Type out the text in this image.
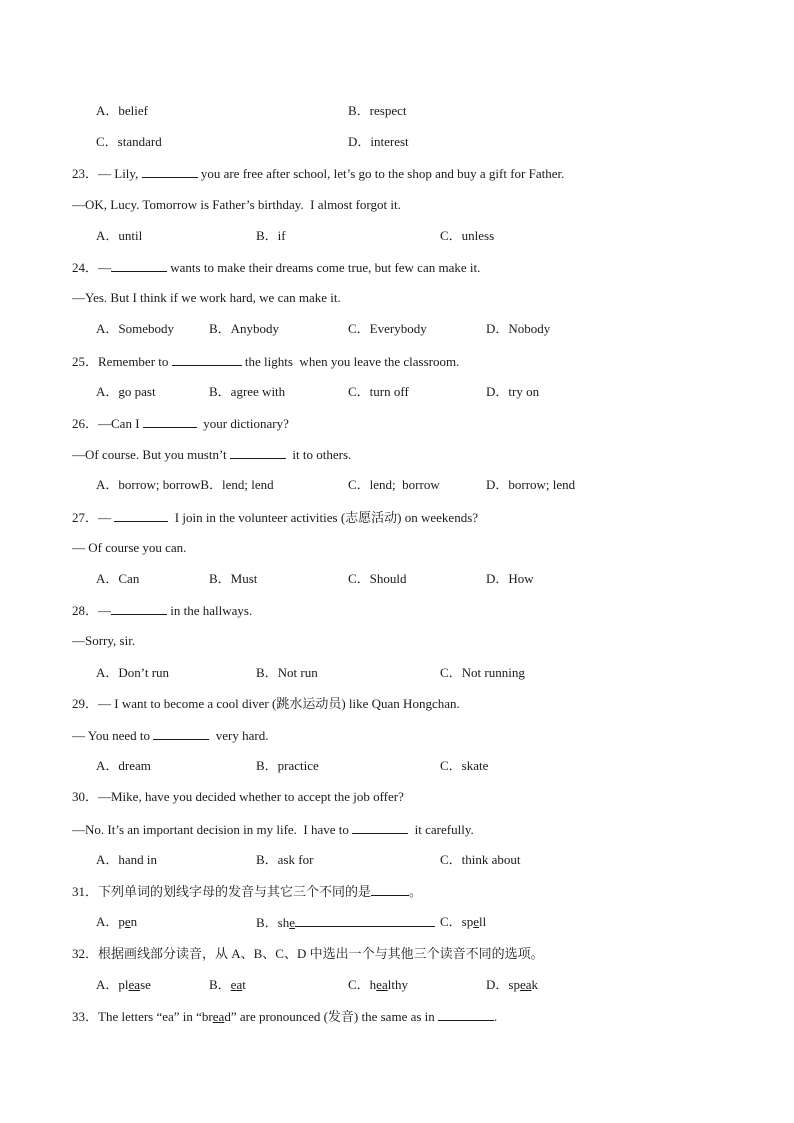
A．belief	B．respect
C．standard	D．interest
23．— Lily,	you are free after school, let’s go to the shop and buy a gift for Father.
—OK, Lucy. Tomorrow is Father’s birthday.  I almost forgot it.
A．until	B．if	C．unless
24．—	wants to make their dreams come true, but few can make it.
—Yes. But I think if we work hard, we can make it.
A．Somebody	B．Anybody	C．Everybody	D．Nobody
25．Remember to	the lights  when you leave the classroom.
A．go past	B．agree with	C．turn off	D．try on
26．—Can I	your dictionary?
—Of course. But you mustn’t	it to others.
A．borrow; borrowB．lend; lend	C．lend;  borrow	D．borrow; lend
27．—	I join in the volunteer activities (志愿活动) on weekends?
— Of course you can.
A．Can	B．Must	C．Should	D．How
28．—	in the hallways.
—Sorry, sir.
A．Don’t run	B．Not run	C．Not running
29．— I want to become a cool diver (跳水运动员) like Quan Hongchan.
— You need to	very hard.
A．dream	B．practice	C．skate
30．—Mike, have you decided whether to accept the job offer?
—No. It’s an important decision in my life.  I have to	it carefully.
A．hand in	B．ask for	C．think about
31．下列单词的划线字母的发音与其它三个不同的是	。
A．pen	B．she	C．spell
32．根据画线部分读音，从 A、B、C、D 中选出一个与其他三个读音不同的选项。
A．please	B．eat	C．healthy	D．speak
33．The letters “ea” in “bread” are pronounced (发音) the same as in	.
